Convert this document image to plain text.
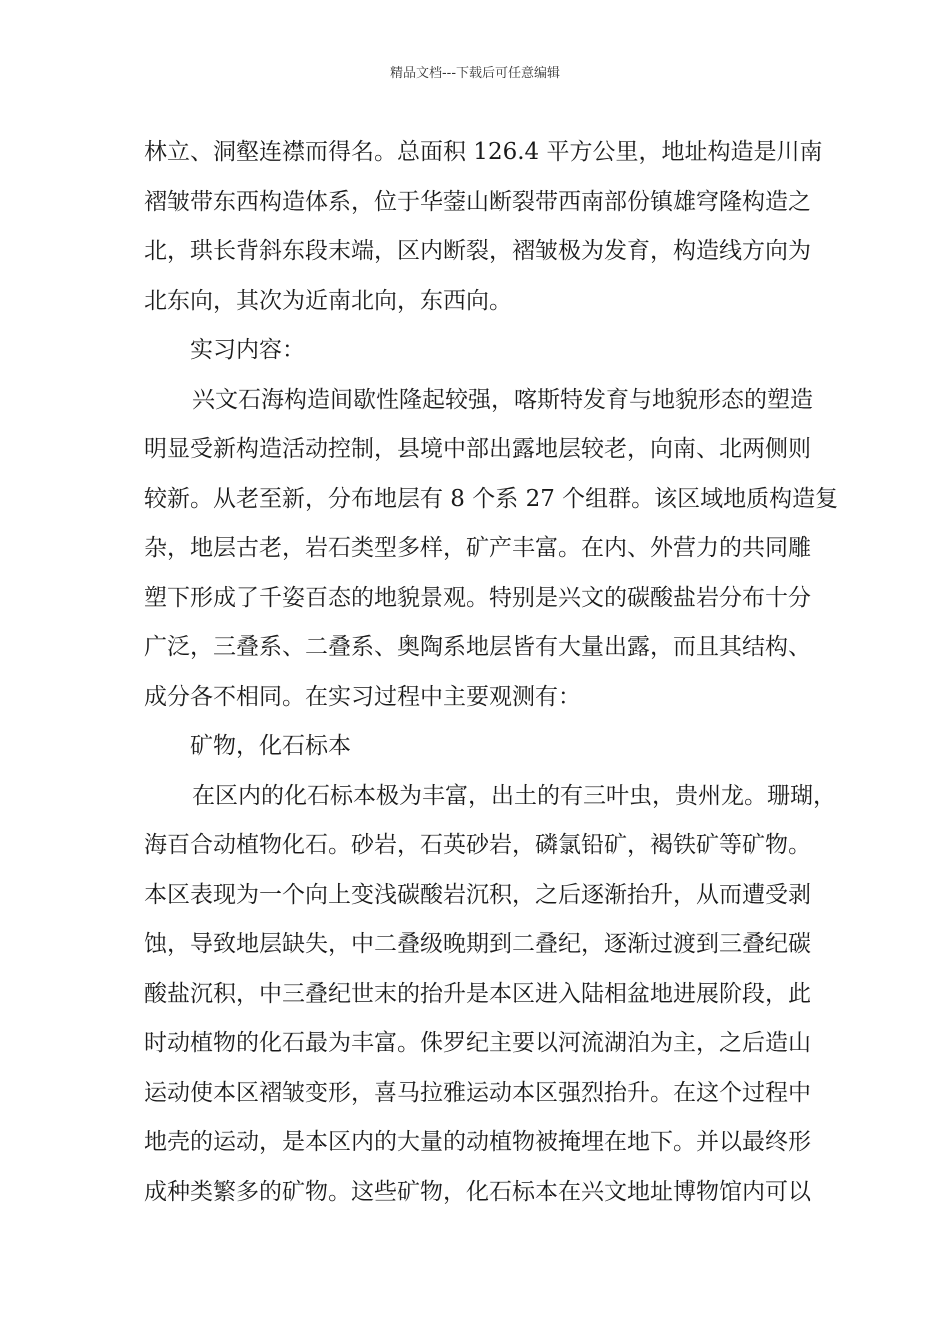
精品文档---下载后可任意编辑
林立、洞壑连襟而得名。总面积 126.4 平方公里，地址构造是川南
褶皱带东西构造体系，位于华蓥山断裂带西南部份镇雄穹隆构造之
北，珙长背斜东段末端，区内断裂，褶皱极为发育，构造线方向为
北东向，其次为近南北向，东西向。
实习内容：
兴文石海构造间歇性隆起较强，喀斯特发育与地貌形态的塑造
明显受新构造活动控制，县境中部出露地层较老，向南、北两侧则
较新。从老至新，分布地层有 8 个系 27 个组群。该区域地质构造复
杂，地层古老，岩石类型多样，矿产丰富。在内、外营力的共同雕
塑下形成了千姿百态的地貌景观。特别是兴文的碳酸盐岩分布十分
广泛，三叠系、二叠系、奥陶系地层皆有大量出露，而且其结构、
成分各不相同。在实习过程中主要观测有：
矿物，化石标本
在区内的化石标本极为丰富，出土的有三叶虫，贵州龙。珊瑚，
海百合动植物化石。砂岩，石英砂岩，磷氯铅矿，褐铁矿等矿物。
本区表现为一个向上变浅碳酸岩沉积，之后逐渐抬升，从而遭受剥
蚀，导致地层缺失，中二叠级晚期到二叠纪，逐渐过渡到三叠纪碳
酸盐沉积，中三叠纪世末的抬升是本区进入陆相盆地进展阶段，此
时动植物的化石最为丰富。侏罗纪主要以河流湖泊为主，之后造山
运动使本区褶皱变形，喜马拉雅运动本区强烈抬升。在这个过程中
地壳的运动，是本区内的大量的动植物被掩埋在地下。并以最终形
成种类繁多的矿物。这些矿物，化石标本在兴文地址博物馆内可以
